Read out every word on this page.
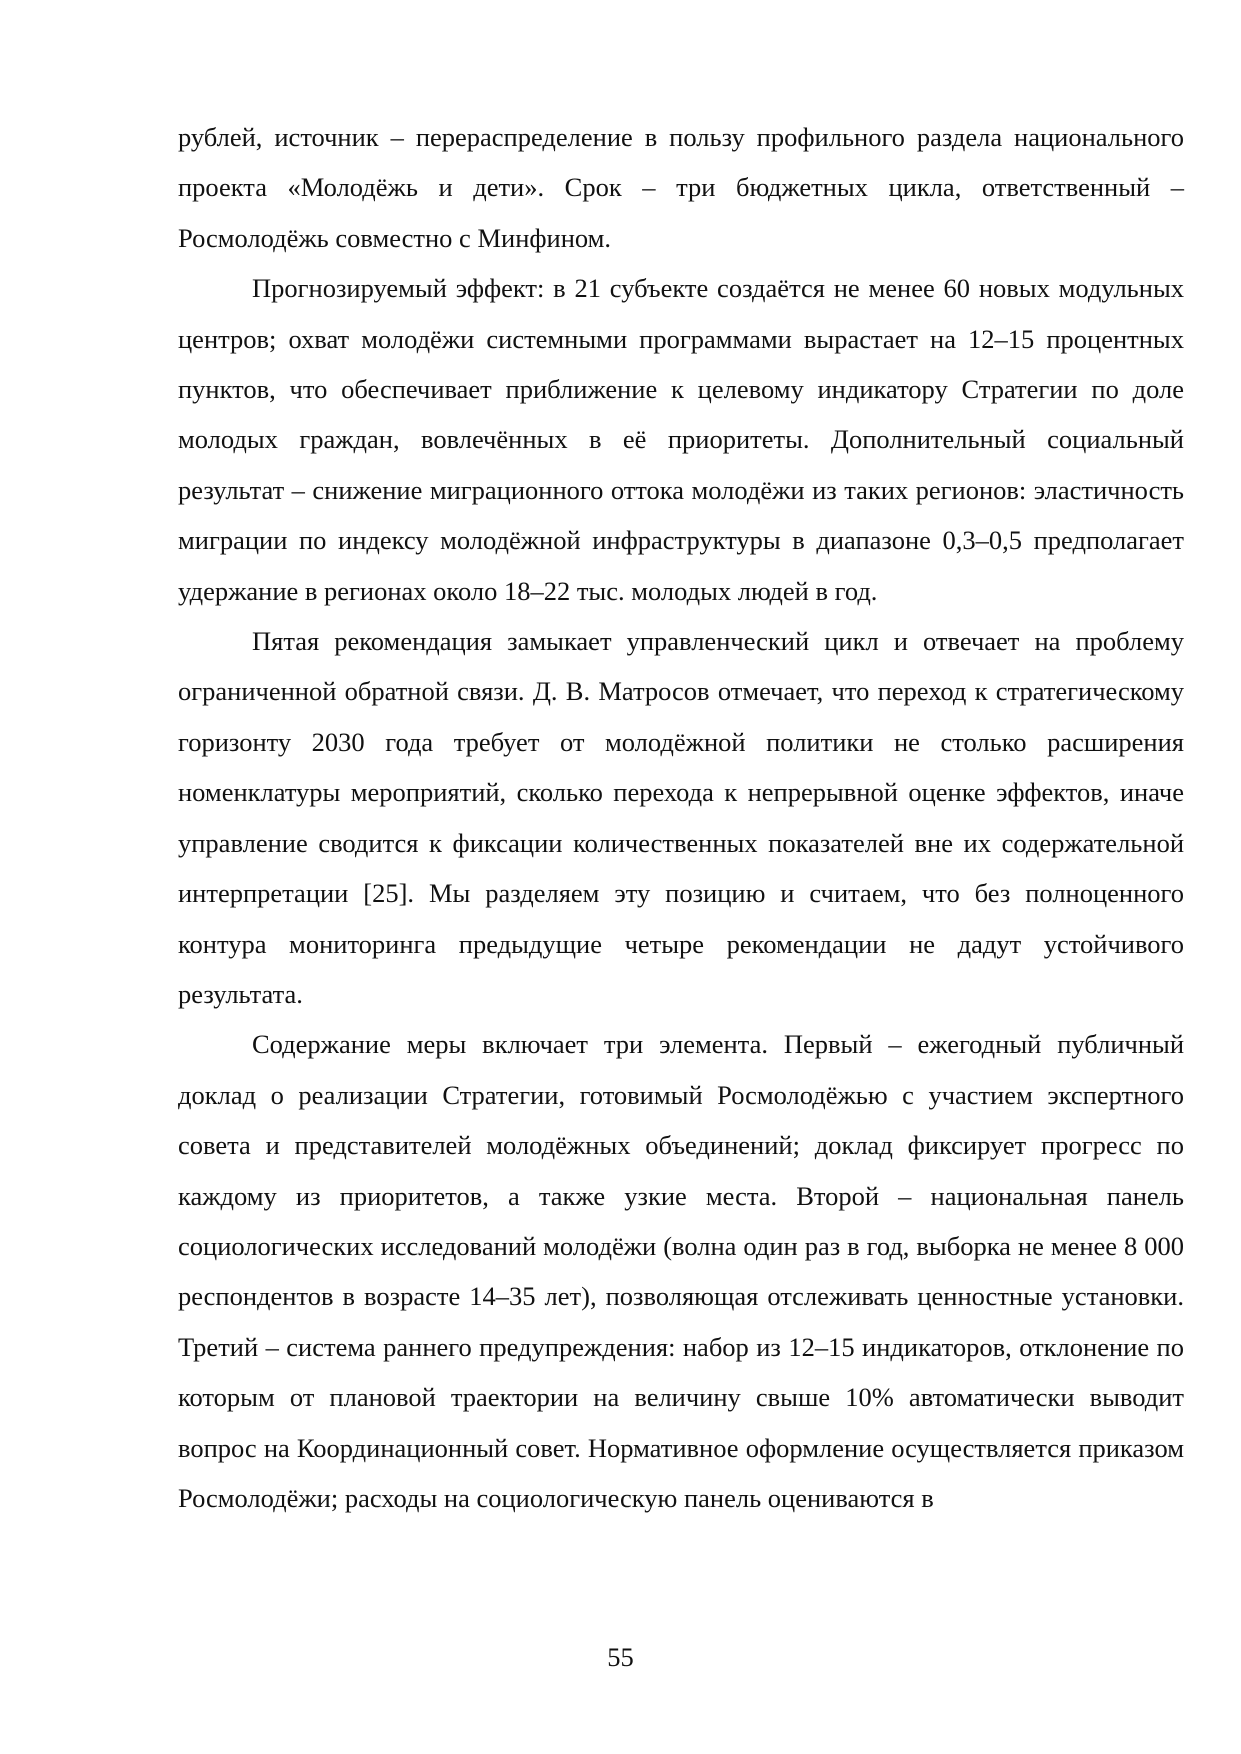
рублей, источник – перераспределение в пользу профильного раздела национального проекта «Молодёжь и дети». Срок – три бюджетных цикла, ответственный – Росмолодёжь совместно с Минфином.

Прогнозируемый эффект: в 21 субъекте создаётся не менее 60 новых модульных центров; охват молодёжи системными программами вырастает на 12–15 процентных пунктов, что обеспечивает приближение к целевому индикатору Стратегии по доле молодых граждан, вовлечённых в её приоритеты. Дополнительный социальный результат – снижение миграционного оттока молодёжи из таких регионов: эластичность миграции по индексу молодёжной инфраструктуры в диапазоне 0,3–0,5 предполагает удержание в регионах около 18–22 тыс. молодых людей в год.

Пятая рекомендация замыкает управленческий цикл и отвечает на проблему ограниченной обратной связи. Д. В. Матросов отмечает, что переход к стратегическому горизонту 2030 года требует от молодёжной политики не столько расширения номенклатуры мероприятий, сколько перехода к непрерывной оценке эффектов, иначе управление сводится к фиксации количественных показателей вне их содержательной интерпретации [25]. Мы разделяем эту позицию и считаем, что без полноценного контура мониторинга предыдущие четыре рекомендации не дадут устойчивого результата.

Содержание меры включает три элемента. Первый – ежегодный публичный доклад о реализации Стратегии, готовимый Росмолодёжью с участием экспертного совета и представителей молодёжных объединений; доклад фиксирует прогресс по каждому из приоритетов, а также узкие места. Второй – национальная панель социологических исследований молодёжи (волна один раз в год, выборка не менее 8 000 респондентов в возрасте 14–35 лет), позволяющая отслеживать ценностные установки. Третий – система раннего предупреждения: набор из 12–15 индикаторов, отклонение по которым от плановой траектории на величину свыше 10% автоматически выводит вопрос на Координационный совет. Нормативное оформление осуществляется приказом Росмолодёжи; расходы на социологическую панель оцениваются в

55
